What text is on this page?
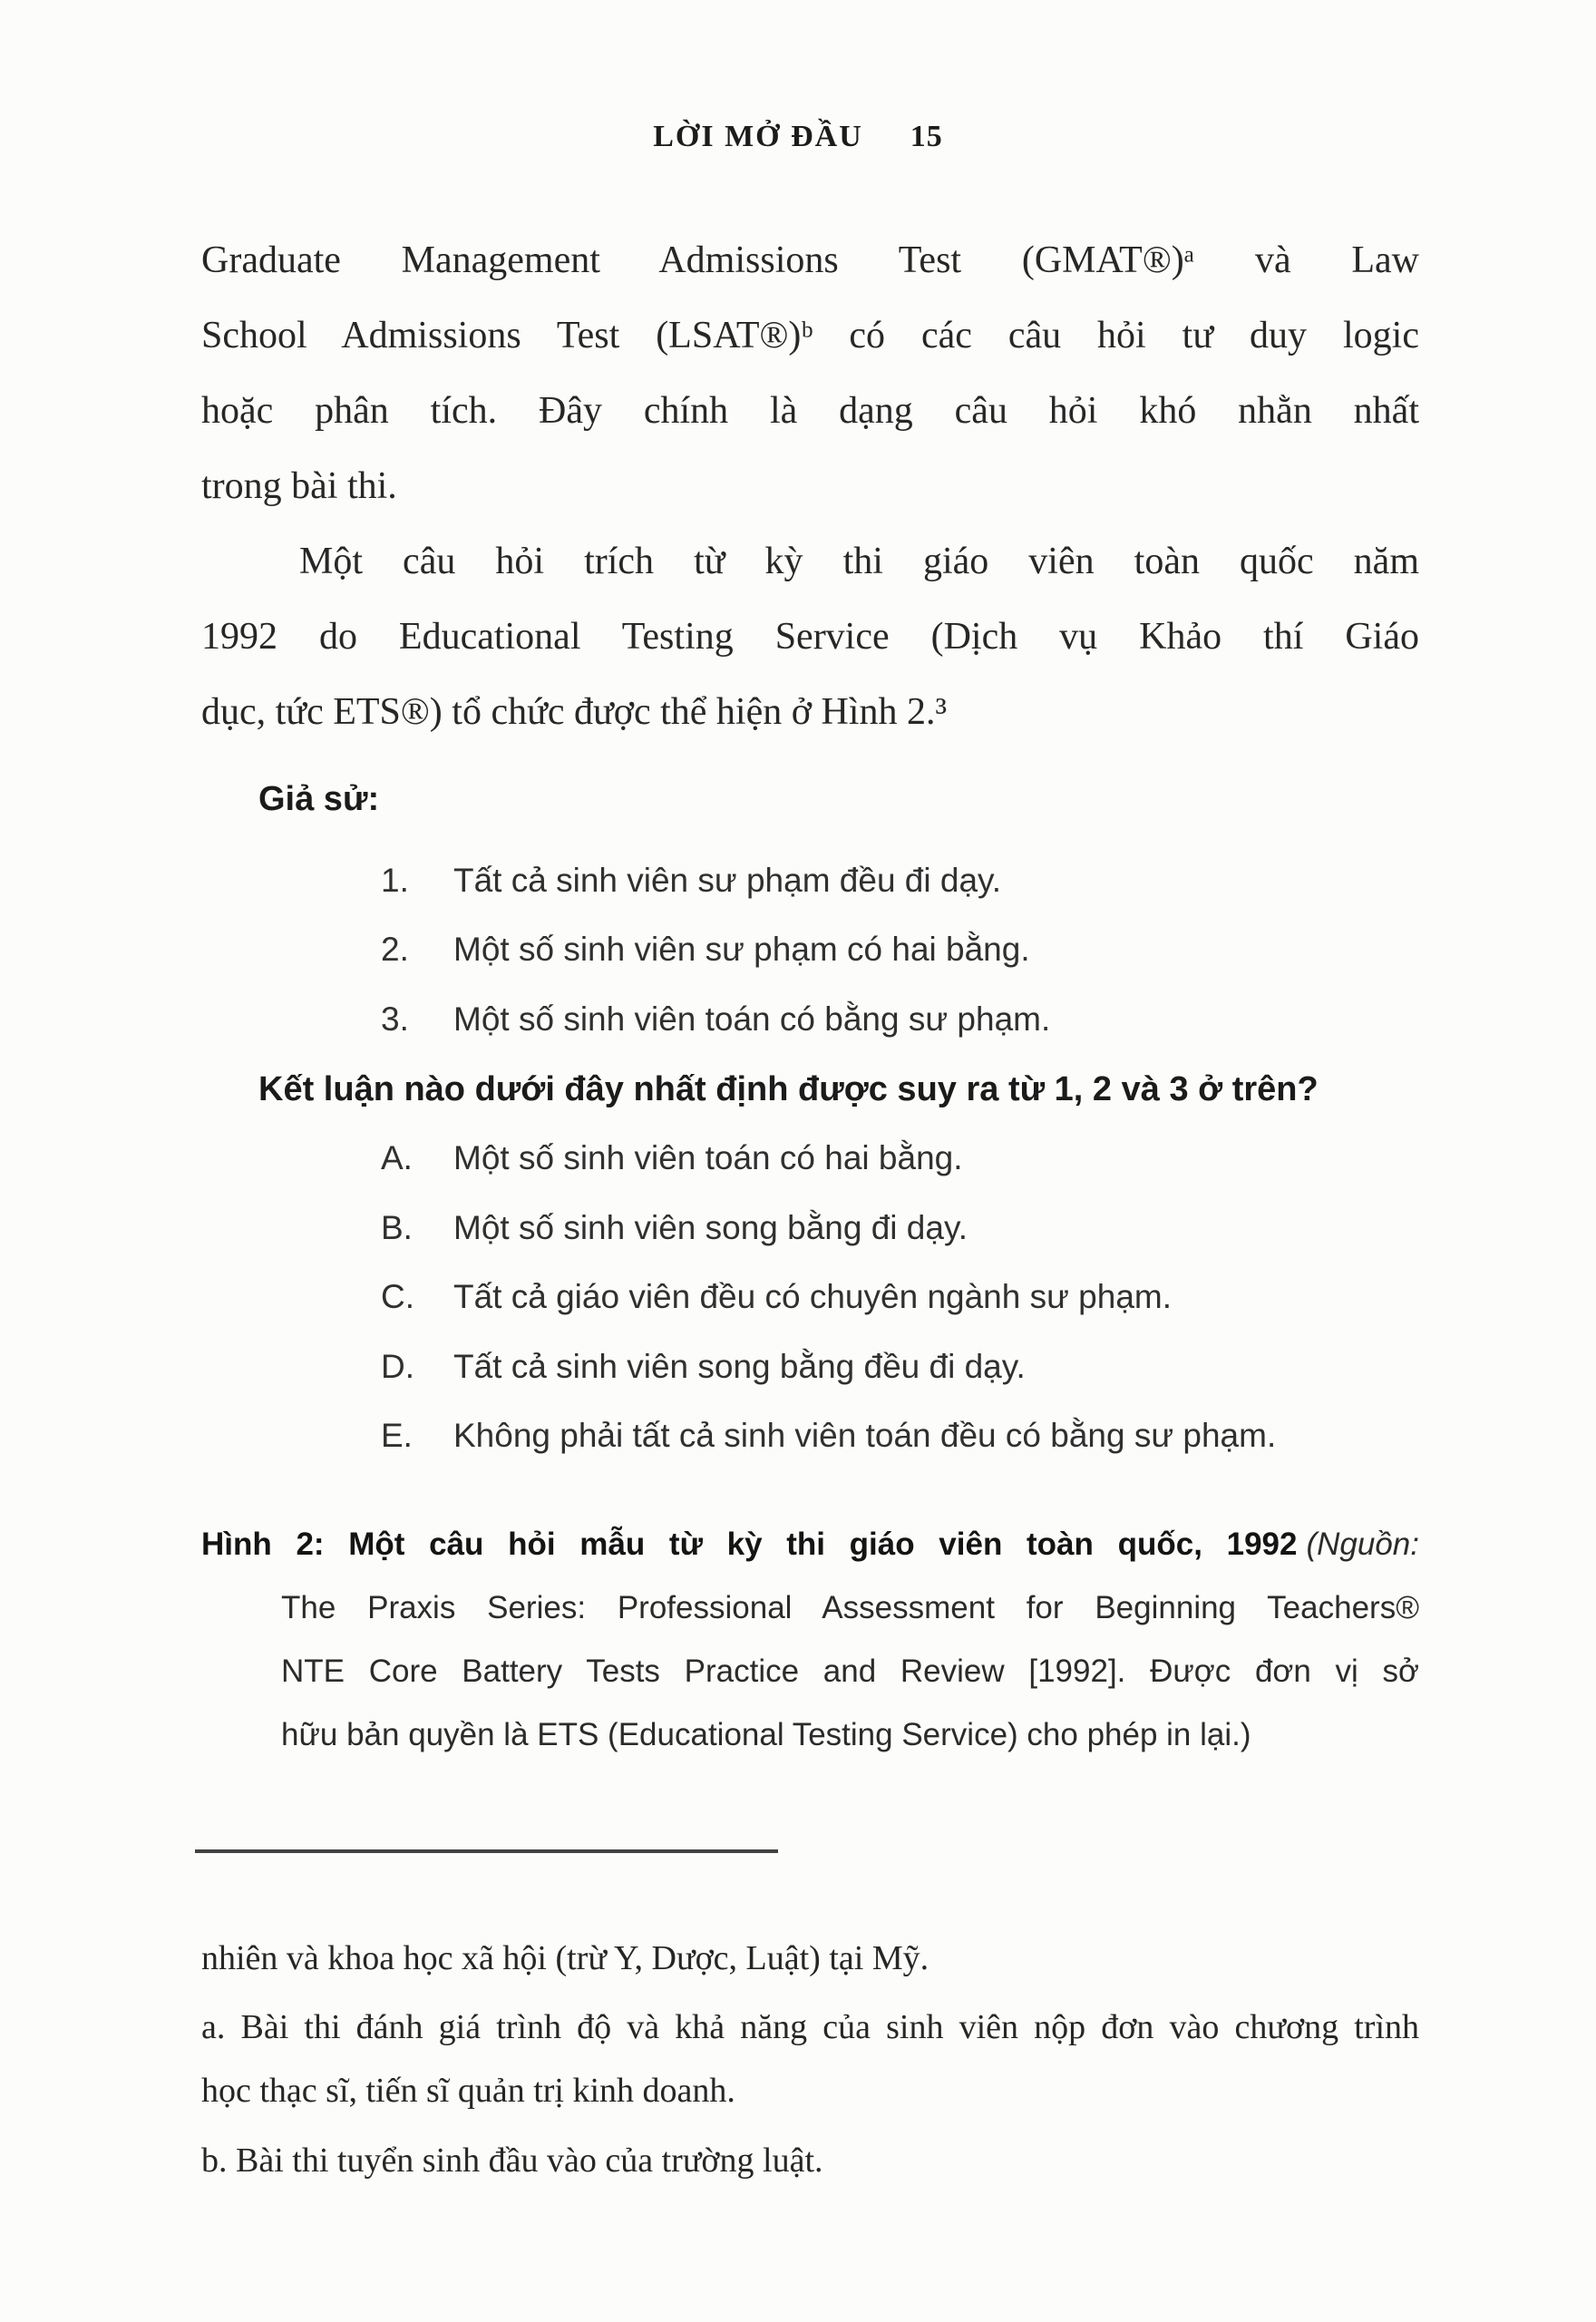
LỜI MỞ ĐẦU 15
Graduate Management Admissions Test (GMAT®)ᵃ và Law
School Admissions Test (LSAT®)ᵇ có các câu hỏi tư duy logic
hoặc phân tích. Đây chính là dạng câu hỏi khó nhằn nhất
trong bài thi.
Một câu hỏi trích từ kỳ thi giáo viên toàn quốc năm
1992 do Educational Testing Service (Dịch vụ Khảo thí Giáo
dục, tức ETS®) tổ chức được thể hiện ở Hình 2.³
Giả sử:
1. Tất cả sinh viên sư phạm đều đi dạy.
2. Một số sinh viên sư phạm có hai bằng.
3. Một số sinh viên toán có bằng sư phạm.
Kết luận nào dưới đây nhất định được suy ra từ 1, 2 và 3 ở trên?
A. Một số sinh viên toán có hai bằng.
B. Một số sinh viên song bằng đi dạy.
C. Tất cả giáo viên đều có chuyên ngành sư phạm.
D. Tất cả sinh viên song bằng đều đi dạy.
E. Không phải tất cả sinh viên toán đều có bằng sư phạm.
Hình 2: Một câu hỏi mẫu từ kỳ thi giáo viên toàn quốc, 1992 (Nguồn:
The Praxis Series: Professional Assessment for Beginning Teachers®
NTE Core Battery Tests Practice and Review [1992]. Được đơn vị sở
hữu bản quyền là ETS (Educational Testing Service) cho phép in lại.)
nhiên và khoa học xã hội (trừ Y, Dược, Luật) tại Mỹ.
a. Bài thi đánh giá trình độ và khả năng của sinh viên nộp đơn vào chương trình
học thạc sĩ, tiến sĩ quản trị kinh doanh.
b. Bài thi tuyển sinh đầu vào của trường luật.
